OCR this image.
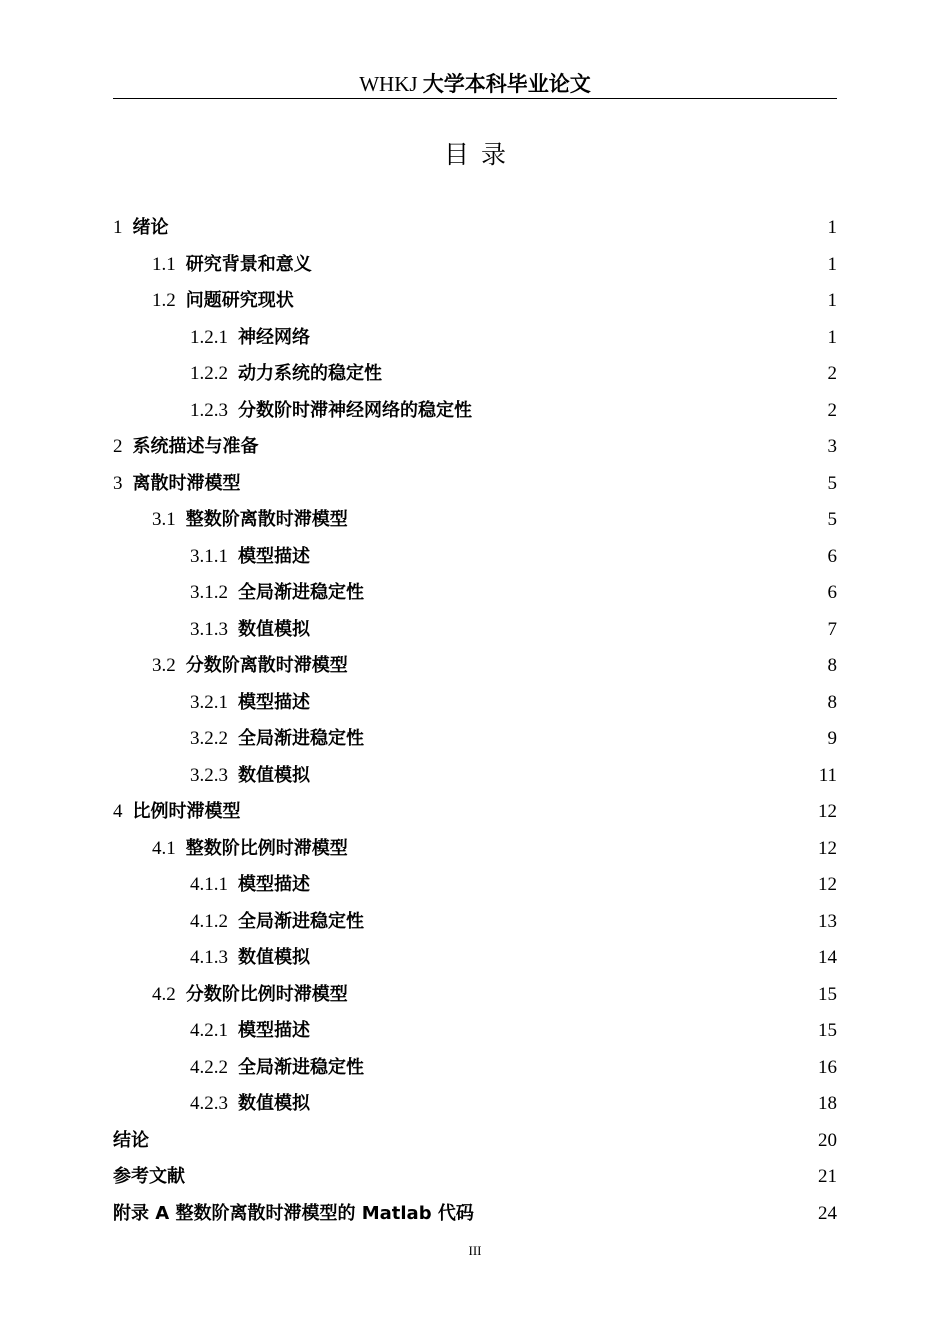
WHKJ 大学本科毕业论文
目录
1 绪论	1
1.1 研究背景和意义	1
1.2 问题研究现状	1
1.2.1 神经网络	1
1.2.2 动力系统的稳定性	2
1.2.3 分数阶时滞神经网络的稳定性	2
2 系统描述与准备	3
3 离散时滞模型	5
3.1 整数阶离散时滞模型	5
3.1.1 模型描述	6
3.1.2 全局渐进稳定性	6
3.1.3 数值模拟	7
3.2 分数阶离散时滞模型	8
3.2.1 模型描述	8
3.2.2 全局渐进稳定性	9
3.2.3 数值模拟	11
4 比例时滞模型	12
4.1 整数阶比例时滞模型	12
4.1.1 模型描述	12
4.1.2 全局渐进稳定性	13
4.1.3 数值模拟	14
4.2 分数阶比例时滞模型	15
4.2.1 模型描述	15
4.2.2 全局渐进稳定性	16
4.2.3 数值模拟	18
结论	20
参考文献	21
附录 A 整数阶离散时滞模型的 Matlab 代码	24
III
